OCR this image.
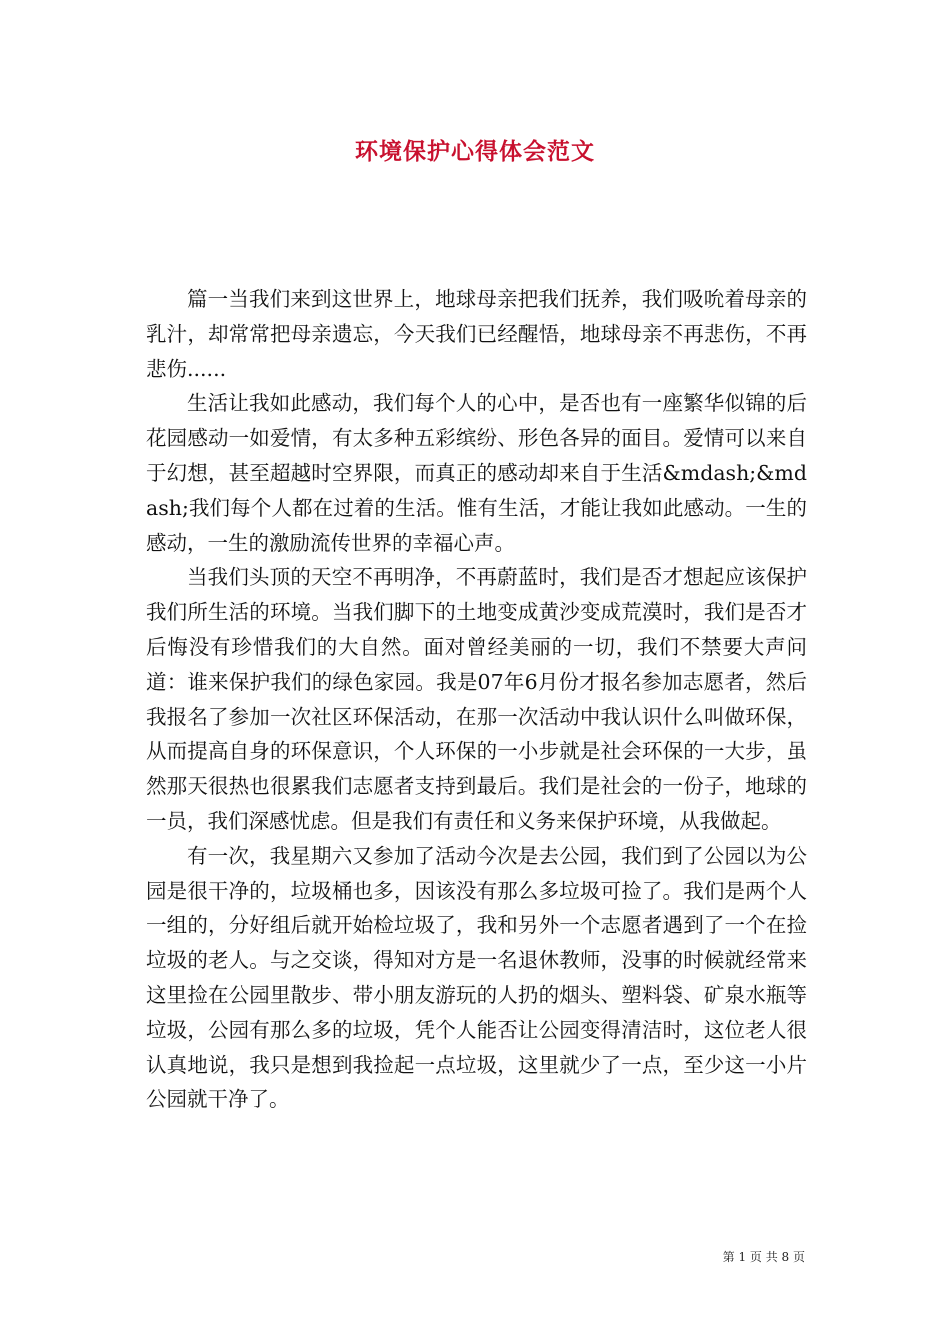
环境保护心得体会范文

篇一当我们来到这世界上，地球母亲把我们抚养，我们吸吮着母亲的乳汁，却常常把母亲遗忘，今天我们已经醒悟，地球母亲不再悲伤，不再悲伤......

生活让我如此感动，我们每个人的心中，是否也有一座繁华似锦的后花园感动一如爱情，有太多种五彩缤纷、形色各异的面目。爱情可以来自于幻想，甚至超越时空界限，而真正的感动却来自于生活&mdash;&mdash;我们每个人都在过着的生活。惟有生活，才能让我如此感动。一生的感动，一生的激励流传世界的幸福心声。

当我们头顶的天空不再明净，不再蔚蓝时，我们是否才想起应该保护我们所生活的环境。当我们脚下的土地变成黄沙变成荒漠时，我们是否才后悔没有珍惜我们的大自然。面对曾经美丽的一切，我们不禁要大声问道：谁来保护我们的绿色家园。我是07年6月份才报名参加志愿者，然后我报名了参加一次社区环保活动，在那一次活动中我认识什么叫做环保，从而提高自身的环保意识，个人环保的一小步就是社会环保的一大步，虽然那天很热也很累我们志愿者支持到最后。我们是社会的一份子，地球的一员，我们深感忧虑。但是我们有责任和义务来保护环境，从我做起。

有一次，我星期六又参加了活动今次是去公园，我们到了公园以为公园是很干净的，垃圾桶也多，因该没有那么多垃圾可捡了。我们是两个人一组的，分好组后就开始检垃圾了，我和另外一个志愿者遇到了一个在捡垃圾的老人。与之交谈，得知对方是一名退休教师，没事的时候就经常来这里捡在公园里散步、带小朋友游玩的人扔的烟头、塑料袋、矿泉水瓶等垃圾，公园有那么多的垃圾，凭个人能否让公园变得清洁时，这位老人很认真地说，我只是想到我捡起一点垃圾，这里就少了一点，至少这一小片公园就干净了。

第 1 页 共 8 页
